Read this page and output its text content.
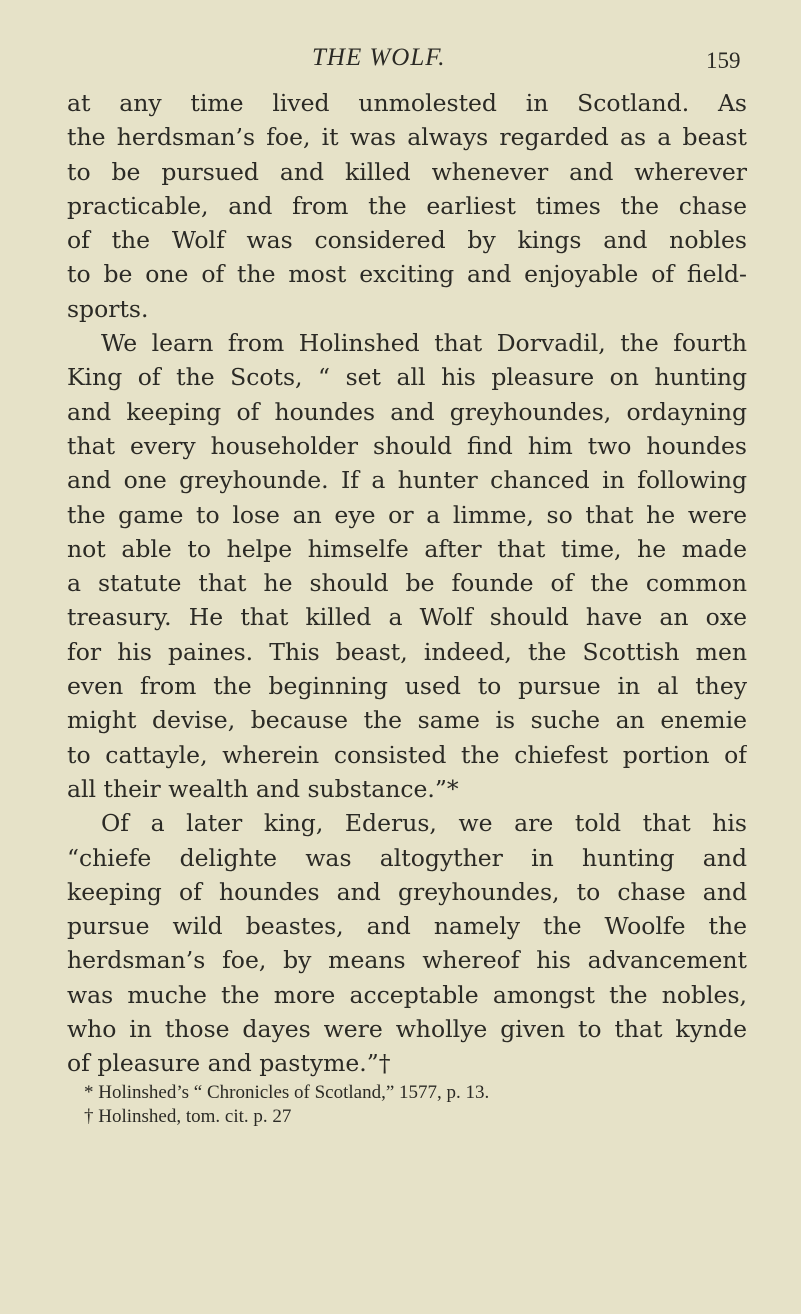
THE WOLF.	159
at any time lived unmolested in Scotland. As
the herdsman’s foe, it was always regarded as a beast
to be pursued and killed whenever and wherever
practicable, and from the earliest times the chase
of the Wolf was considered by kings and nobles
to be one of the most exciting and enjoyable of field-
sports.
We learn from Holinshed that Dorvadil, the fourth
King of the Scots, “ set all his pleasure on hunting
and keeping of houndes and greyhoundes, ordayning
that every householder should find him two houndes
and one greyhounde. If a hunter chanced in following
the game to lose an eye or a limme, so that he were
not able to helpe himselfe after that time, he made
a statute that he should be founde of the common
treasury. He that killed a Wolf should have an oxe
for his paines. This beast, indeed, the Scottish men
even from the beginning used to pursue in al they
might devise, because the same is suche an enemie
to cattayle, wherein consisted the chiefest portion of
all their wealth and substance.”*
Of a later king, Ederus, we are told that his
“chiefe delighte was altogyther in hunting and
keeping of houndes and greyhoundes, to chase and
pursue wild beastes, and namely the Woolfe the
herdsman’s foe, by means whereof his advancement
was muche the more acceptable amongst the nobles,
who in those dayes were whollye given to that kynde
of pleasure and pastyme.”†
* Holinshed’s “ Chronicles of Scotland,” 1577, p. 13.
† Holinshed, tom. cit. p. 27
